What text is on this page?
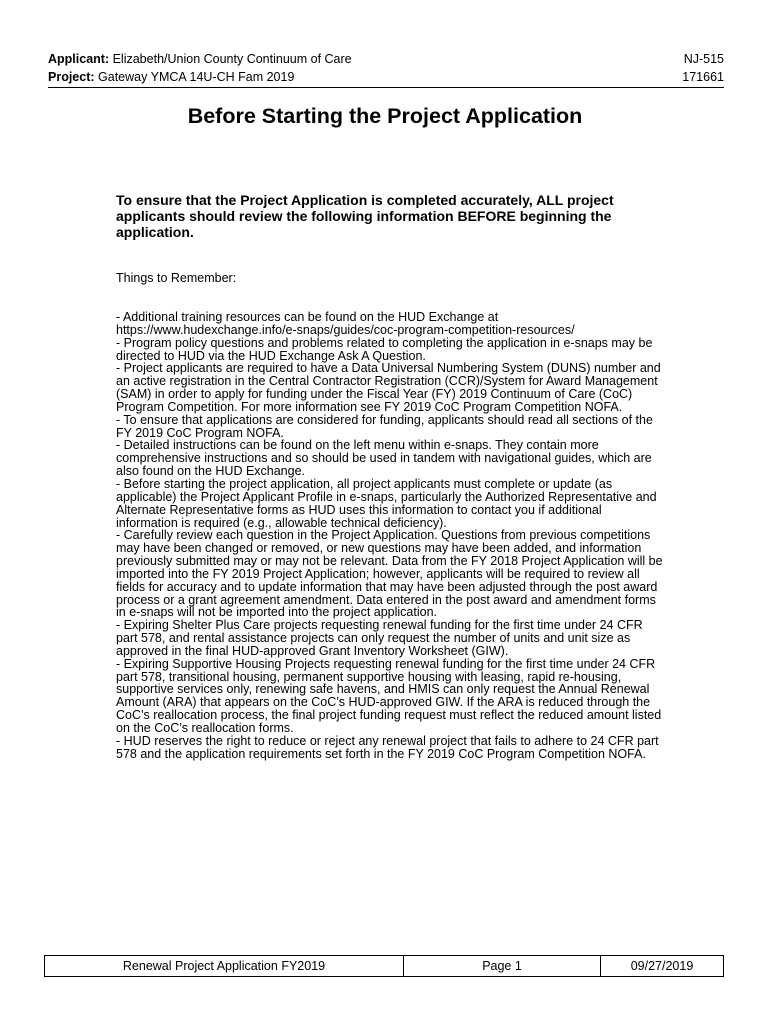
Applicant: Elizabeth/Union County Continuum of Care	NJ-515
Project: Gateway YMCA 14U-CH Fam 2019	171661
Before Starting the Project Application
To ensure that the Project Application is completed accurately, ALL project applicants should review the following information BEFORE beginning the application.
Things to Remember:

- Additional training resources can be found on the HUD Exchange at https://www.hudexchange.info/e-snaps/guides/coc-program-competition-resources/

- Program policy questions and problems related to completing the application in e-snaps may be directed to HUD via the HUD Exchange Ask A Question.

- Project applicants are required to have a Data Universal Numbering System (DUNS) number and an active registration in the Central Contractor Registration (CCR)/System for Award Management (SAM) in order to apply for funding under the Fiscal Year (FY) 2019 Continuum of Care (CoC) Program Competition. For more information see FY 2019 CoC Program Competition NOFA.

- To ensure that applications are considered for funding, applicants should read all sections of the FY 2019 CoC Program NOFA.

- Detailed instructions can be found on the left menu within e-snaps. They contain more comprehensive instructions and so should be used in tandem with navigational guides, which are also found on the HUD Exchange.

- Before starting the project application, all project applicants must complete or update (as applicable) the Project Applicant Profile in e-snaps, particularly the Authorized Representative and Alternate Representative forms as HUD uses this information to contact you if additional information is required (e.g., allowable technical deficiency).

- Carefully review each question in the Project Application. Questions from previous competitions may have been changed or removed, or new questions may have been added, and information previously submitted may or may not be relevant. Data from the FY 2018 Project Application will be imported into the FY 2019 Project Application; however, applicants will be required to review all fields for accuracy and to update information that may have been adjusted through the post award process or a grant agreement amendment. Data entered in the post award and amendment forms in e-snaps will not be imported into the project application.

- Expiring Shelter Plus Care projects requesting renewal funding for the first time under 24 CFR part 578, and rental assistance projects can only request the number of units and unit size as approved in the final HUD-approved Grant Inventory Worksheet (GIW).

- Expiring Supportive Housing Projects requesting renewal funding for the first time under 24 CFR part 578, transitional housing, permanent supportive housing with leasing, rapid re-housing, supportive services only, renewing safe havens, and HMIS can only request the Annual Renewal Amount (ARA) that appears on the CoC’s HUD-approved GIW. If the ARA is reduced through the CoC’s reallocation process, the final project funding request must reflect the reduced amount listed on the CoC’s reallocation forms.

- HUD reserves the right to reduce or reject any renewal project that fails to adhere to 24 CFR part 578 and the application requirements set forth in the FY 2019 CoC Program Competition NOFA.

Renewal Project Application FY2019	Page 1	09/27/2019
